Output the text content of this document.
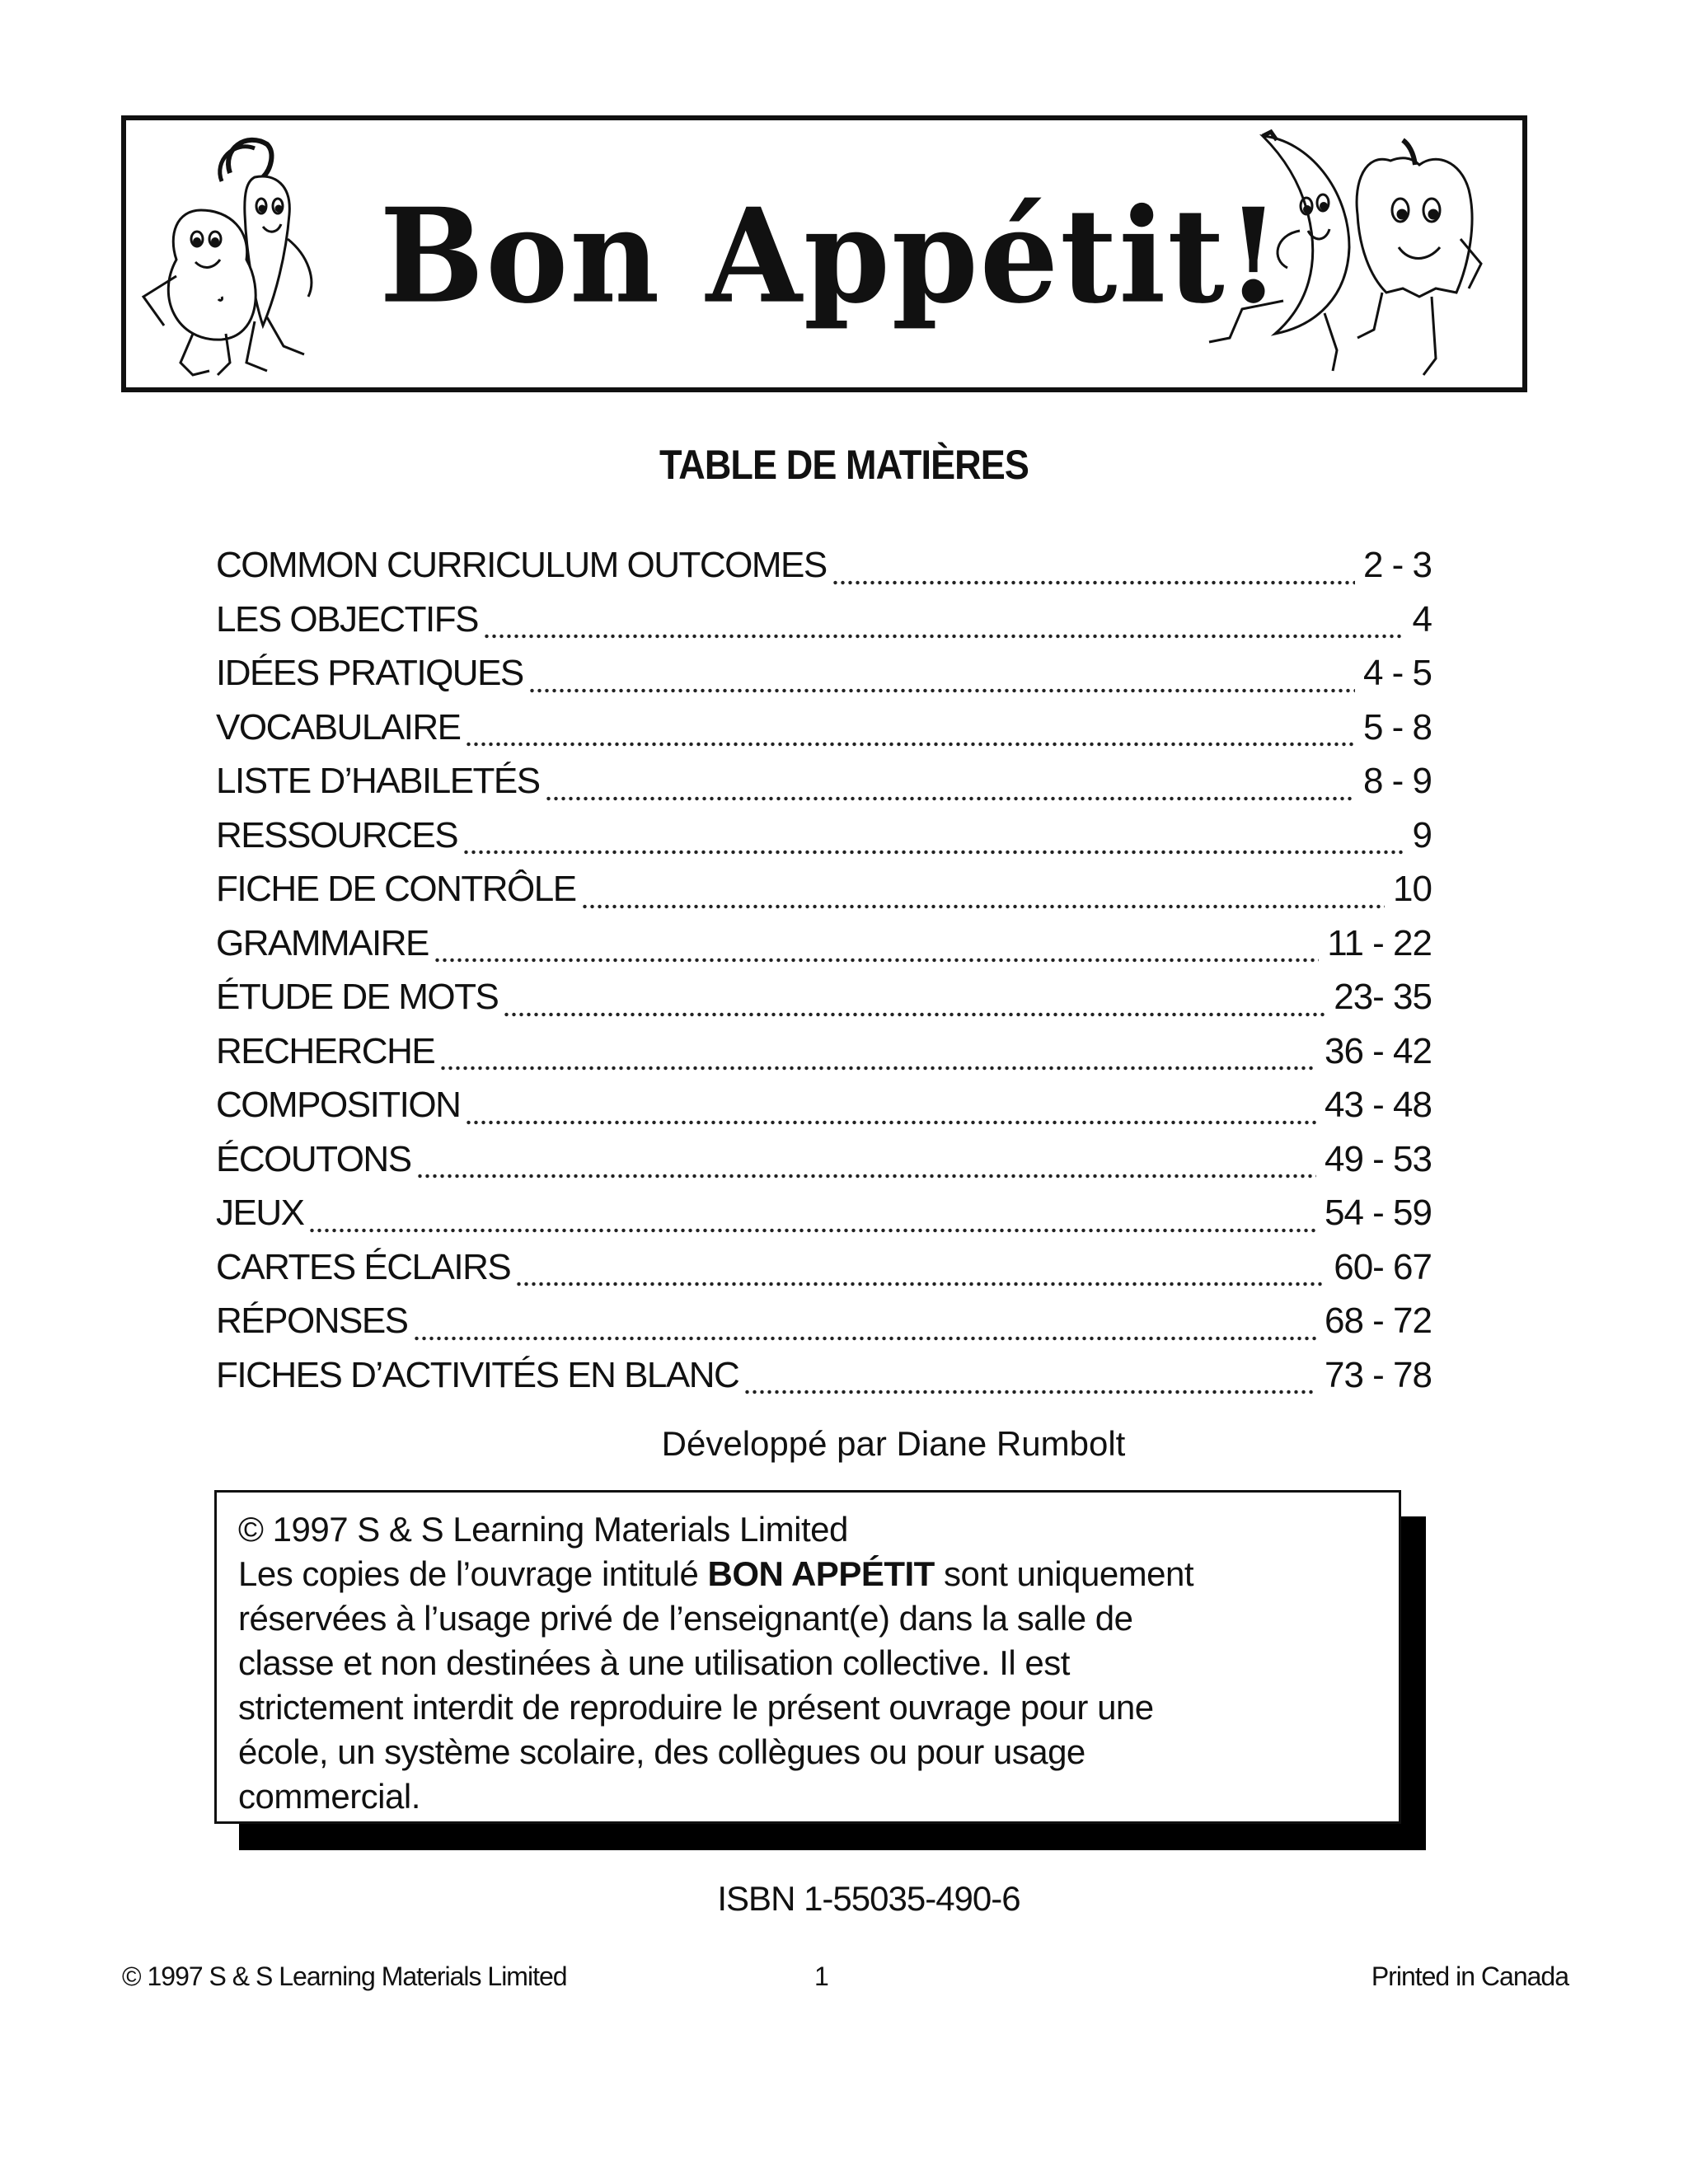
Bon Appétit!
TABLE DE MATIÈRES
COMMON CURRICULUM OUTCOMES	2 - 3
LES OBJECTIFS	4
IDÉES PRATIQUES	4 - 5
VOCABULAIRE	5 - 8
LISTE D’HABILETÉS	8 - 9
RESSOURCES	9
FICHE DE CONTRÔLE	10
GRAMMAIRE	11 - 22
ÉTUDE DE MOTS	23- 35
RECHERCHE	36 - 42
COMPOSITION	43 - 48
ÉCOUTONS	49 - 53
JEUX	54 - 59
CARTES ÉCLAIRS	60- 67
RÉPONSES	68 - 72
FICHES D’ACTIVITÉS EN BLANC	73 - 78
Développé par Diane Rumbolt
© 1997 S & S Learning Materials Limited
Les copies de l’ouvrage intitulé BON APPÉTIT sont uniquement
réservées à l’usage privé de l’enseignant(e) dans la salle de
classe et non destinées à une utilisation collective. Il est
strictement interdit de reproduire le présent ouvrage pour une
école, un système scolaire, des collègues ou pour usage
commercial.
ISBN 1-55035-490-6
© 1997 S & S Learning Materials Limited	1	Printed in Canada
